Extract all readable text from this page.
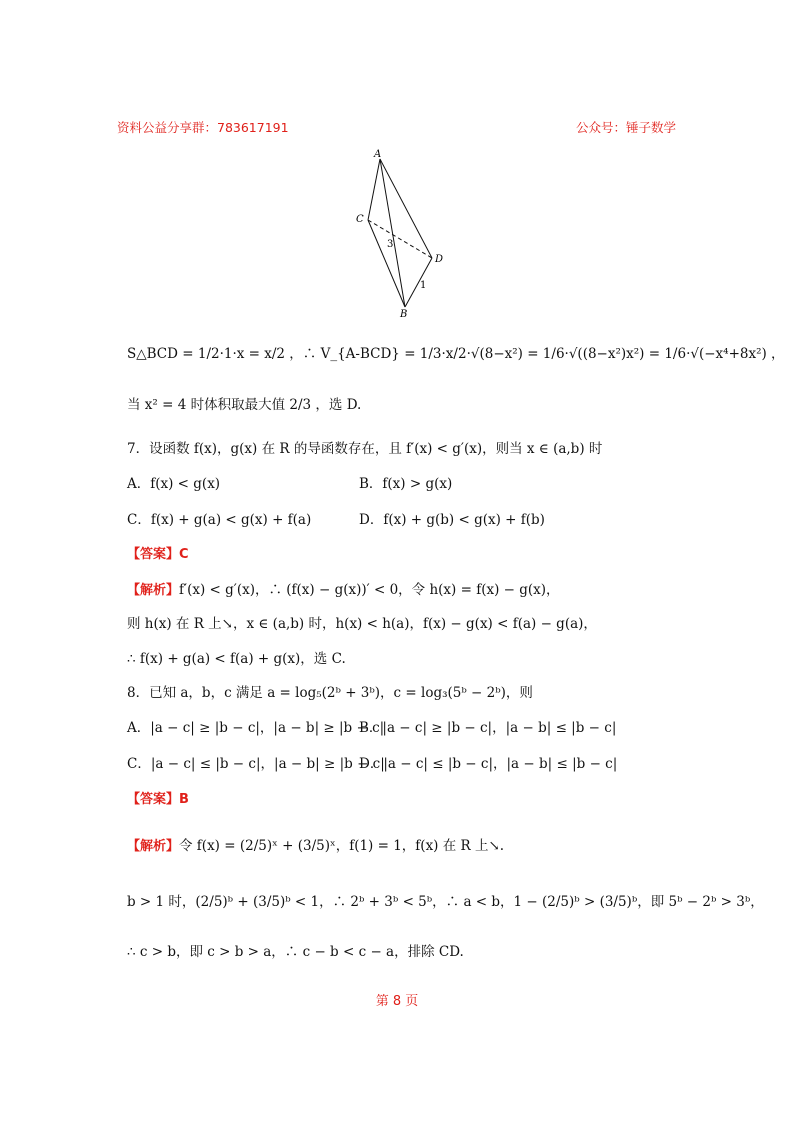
资料公益分享群：783617191	公众号：锤子数学
A
C
D
B
3
1
S△BCD = 1/2·1·x = x/2 ，∴ V_{A-BCD} = 1/3·x/2·√(8−x²) = 1/6·√((8−x²)x²) = 1/6·√(−x⁴+8x²) ，
当 x² = 4 时体积取最大值 2/3 ，选 D.
7．设函数 f(x)，g(x) 在 R 的导函数存在，且 f′(x) < g′(x)，则当 x ∈ (a,b) 时
A．f(x) < g(x)	B．f(x) > g(x)
C．f(x) + g(a) < g(x) + f(a)	D．f(x) + g(b) < g(x) + f(b)
【答案】C
【解析】f′(x) < g′(x)，∴ (f(x) − g(x))′ < 0，令 h(x) = f(x) − g(x)，
则 h(x) 在 R 上↘，x ∈ (a,b) 时，h(x) < h(a)，f(x) − g(x) < f(a) − g(a)，
∴ f(x) + g(a) < f(a) + g(x)，选 C.
8．已知 a，b，c 满足 a = log₅(2ᵇ + 3ᵇ)，c = log₃(5ᵇ − 2ᵇ)，则
A．|a − c| ≥ |b − c|，|a − b| ≥ |b − c|
B．|a − c| ≥ |b − c|，|a − b| ≤ |b − c|
C．|a − c| ≤ |b − c|，|a − b| ≥ |b − c|
D．|a − c| ≤ |b − c|，|a − b| ≤ |b − c|
【答案】B
【解析】令 f(x) = (2/5)ˣ + (3/5)ˣ，f(1) = 1，f(x) 在 R 上↘.
b > 1 时，(2/5)ᵇ + (3/5)ᵇ < 1，∴ 2ᵇ + 3ᵇ < 5ᵇ，∴ a < b，1 − (2/5)ᵇ > (3/5)ᵇ，即 5ᵇ − 2ᵇ > 3ᵇ，
∴ c > b，即 c > b > a，∴ c − b < c − a，排除 CD.
第 8 页
